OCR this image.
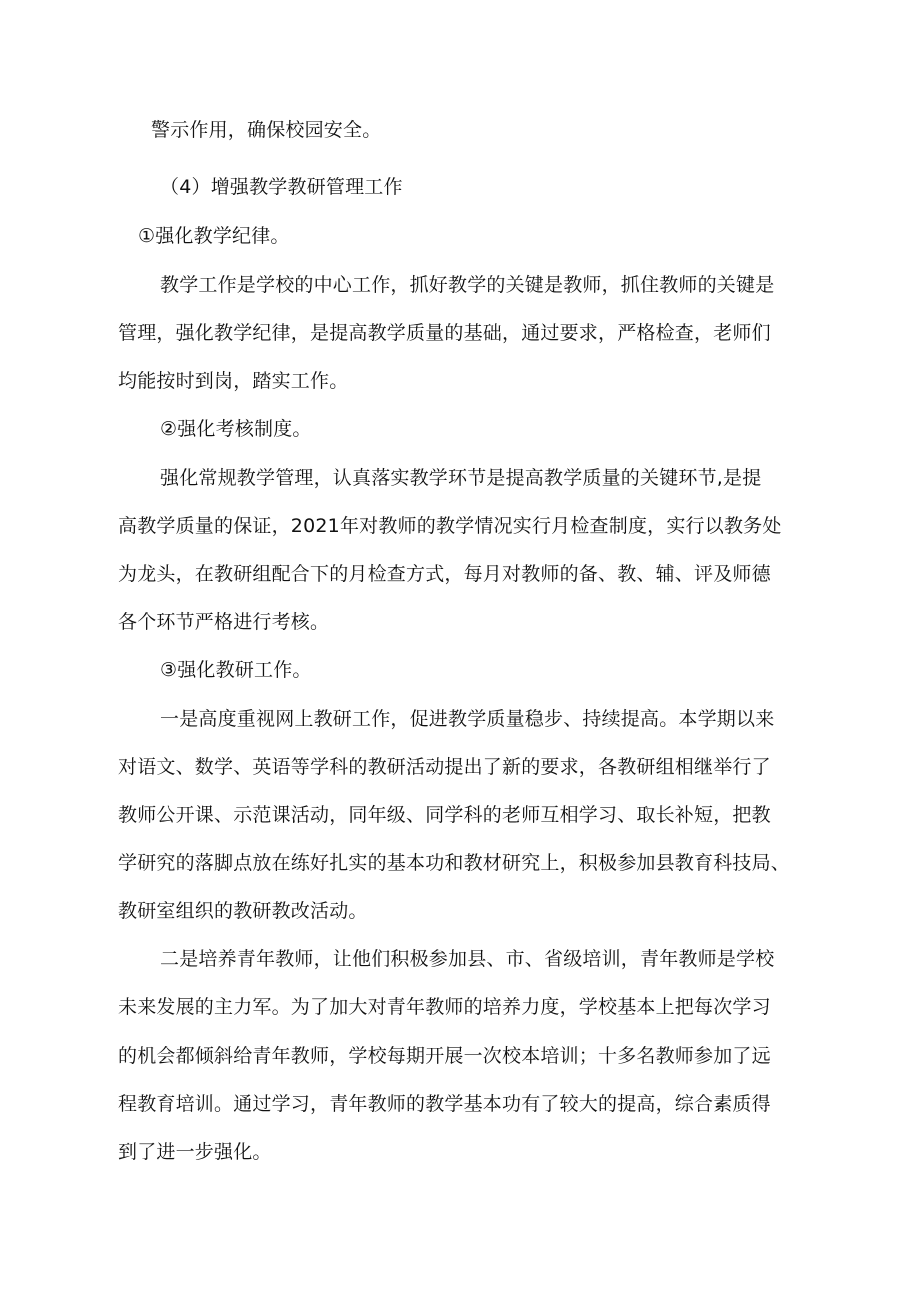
警示作用，确保校园安全。
（4）增强教学教研管理工作
①强化教学纪律。
教学工作是学校的中心工作，抓好教学的关键是教师，抓住教师的关键是
管理，强化教学纪律，是提高教学质量的基础，通过要求，严格检查，老师们
均能按时到岗，踏实工作。
②强化考核制度。
强化常规教学管理，认真落实教学环节是提高教学质量的关键环节,是提
高教学质量的保证，2021年对教师的教学情况实行月检查制度，实行以教务处
为龙头，在教研组配合下的月检查方式，每月对教师的备、教、辅、评及师德
各个环节严格进行考核。
③强化教研工作。
一是高度重视网上教研工作，促进教学质量稳步、持续提高。本学期以来
对语文、数学、英语等学科的教研活动提出了新的要求，各教研组相继举行了
教师公开课、示范课活动，同年级、同学科的老师互相学习、取长补短，把教
学研究的落脚点放在练好扎实的基本功和教材研究上，积极参加县教育科技局、
教研室组织的教研教改活动。
二是培养青年教师，让他们积极参加县、市、省级培训，青年教师是学校
未来发展的主力军。为了加大对青年教师的培养力度，学校基本上把每次学习
的机会都倾斜给青年教师，学校每期开展一次校本培训；十多名教师参加了远
程教育培训。通过学习，青年教师的教学基本功有了较大的提高，综合素质得
到了进一步强化。
